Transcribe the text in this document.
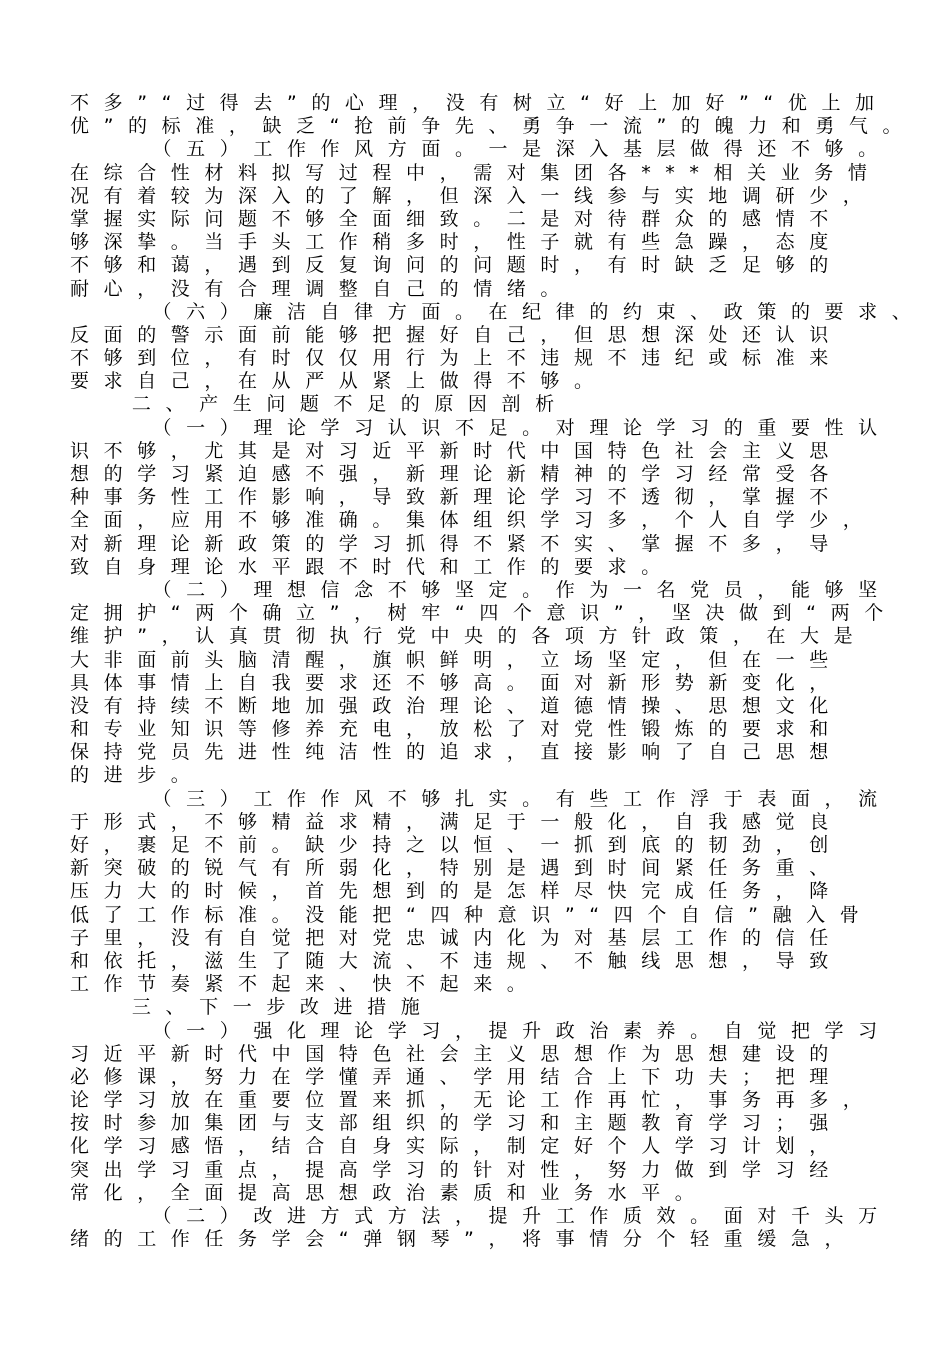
不多”“过得去”的心理，没有树立“好上加好”“优上加
优”的标准，缺乏“抢前争先、勇争一流”的魄力和勇气。
（五）工作作风方面。一是深入基层做得还不够。
在综合性材料拟写过程中，需对集团各***相关业务情
况有着较为深入的了解，但深入一线参与实地调研少，
掌握实际问题不够全面细致。二是对待群众的感情不
够深挚。当手头工作稍多时，性子就有些急躁，态度
不够和蔼，遇到反复询问的问题时，有时缺乏足够的
耐心，没有合理调整自己的情绪。
（六）廉洁自律方面。在纪律的约束、政策的要求、
反面的警示面前能够把握好自己，但思想深处还认识
不够到位，有时仅仅用行为上不违规不违纪或标准来
要求自己，在从严从紧上做得不够。
二、产生问题不足的原因剖析
（一）理论学习认识不足。对理论学习的重要性认
识不够，尤其是对习近平新时代中国特色社会主义思
想的学习紧迫感不强，新理论新精神的学习经常受各
种事务性工作影响，导致新理论学习不透彻，掌握不
全面，应用不够准确。集体组织学习多，个人自学少，
对新理论新政策的学习抓得不紧不实、掌握不多，导
致自身理论水平跟不时代和工作的要求。
（二）理想信念不够坚定。作为一名党员，能够坚
定拥护“两个确立”，树牢“四个意识”，坚决做到“两个
维护”，认真贯彻执行党中央的各项方针政策，在大是
大非面前头脑清醒，旗帜鲜明，立场坚定，但在一些
具体事情上自我要求还不够高。面对新形势新变化，
没有持续不断地加强政治理论、道德情操、思想文化
和专业知识等修养充电，放松了对党性锻炼的要求和
保持党员先进性纯洁性的追求，直接影响了自己思想
的进步。
（三）工作作风不够扎实。有些工作浮于表面，流
于形式，不够精益求精，满足于一般化，自我感觉良
好，裹足不前。缺少持之以恒、一抓到底的韧劲，创
新突破的锐气有所弱化，特别是遇到时间紧任务重、
压力大的时候，首先想到的是怎样尽快完成任务，降
低了工作标准。没能把“四种意识”“四个自信”融入骨
子里，没有自觉把对党忠诚内化为对基层工作的信任
和依托，滋生了随大流、不违规、不触线思想，导致
工作节奏紧不起来、快不起来。
三、下一步改进措施
（一）强化理论学习，提升政治素养。自觉把学习
习近平新时代中国特色社会主义思想作为思想建设的
必修课，努力在学懂弄通、学用结合上下功夫；把理
论学习放在重要位置来抓，无论工作再忙，事务再多，
按时参加集团与支部组织的学习和主题教育学习；强
化学习感悟，结合自身实际，制定好个人学习计划，
突出学习重点，提高学习的针对性，努力做到学习经
常化，全面提高思想政治素质和业务水平。
（二）改进方式方法，提升工作质效。面对千头万
绪的工作任务学会“弹钢琴”，将事情分个轻重缓急，
